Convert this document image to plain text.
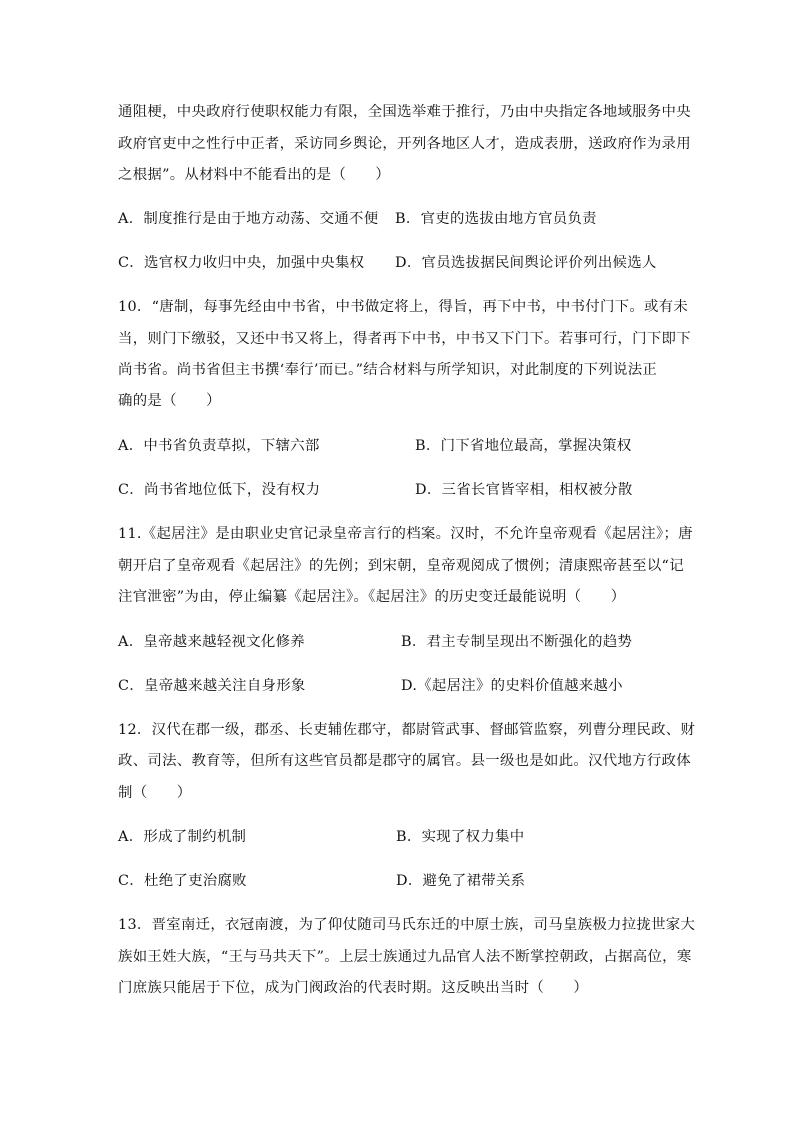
通阻梗，中央政府行使职权能力有限，全国选举难于推行，乃由中央指定各地域服务中央
政府官吏中之性行中正者，采访同乡舆论，开列各地区人才，造成表册，送政府作为录用
之根据”。从材料中不能看出的是（　　）
A．制度推行是由于地方动荡、交通不便 B．官吏的选拔由地方官员负责
C．选官权力收归中央，加强中央集权 D．官员选拔据民间舆论评价列出候选人
10．“唐制，每事先经由中书省，中书做定将上，得旨，再下中书，中书付门下。或有未
当，则门下缴驳，又还中书又将上，得者再下中书，中书又下门下。若事可行，门下即下
尚书省。尚书省但主书撰‘奉行’而已。”结合材料与所学知识，对此制度的下列说法正
确的是（　　）
A．中书省负责草拟，下辖六部	B．门下省地位最高，掌握决策权
C．尚书省地位低下，没有权力	D．三省长官皆宰相，相权被分散
11.《起居注》是由职业史官记录皇帝言行的档案。汉时，不允许皇帝观看《起居注》；唐
朝开启了皇帝观看《起居注》的先例；到宋朝，皇帝观阅成了惯例；清康熙帝甚至以“记
注官泄密”为由，停止编纂《起居注》。《起居注》的历史变迁最能说明（　　）
A．皇帝越来越轻视文化修养	B．君主专制呈现出不断强化的趋势
C．皇帝越来越关注自身形象	D.《起居注》的史料价值越来越小
12．汉代在郡一级，郡丞、长吏辅佐郡守，都尉管武事、督邮管监察，列曹分理民政、财
政、司法、教育等，但所有这些官员都是郡守的属官。县一级也是如此。汉代地方行政体
制（　　）
A．形成了制约机制	B．实现了权力集中
C．杜绝了吏治腐败	D．避免了裙带关系
13．晋室南迁，衣冠南渡，为了仰仗随司马氏东迁的中原士族，司马皇族极力拉拢世家大
族如王姓大族，“王与马共天下”。上层士族通过九品官人法不断掌控朝政，占据高位，寒
门庶族只能居于下位，成为门阀政治的代表时期。这反映出当时（　　）
